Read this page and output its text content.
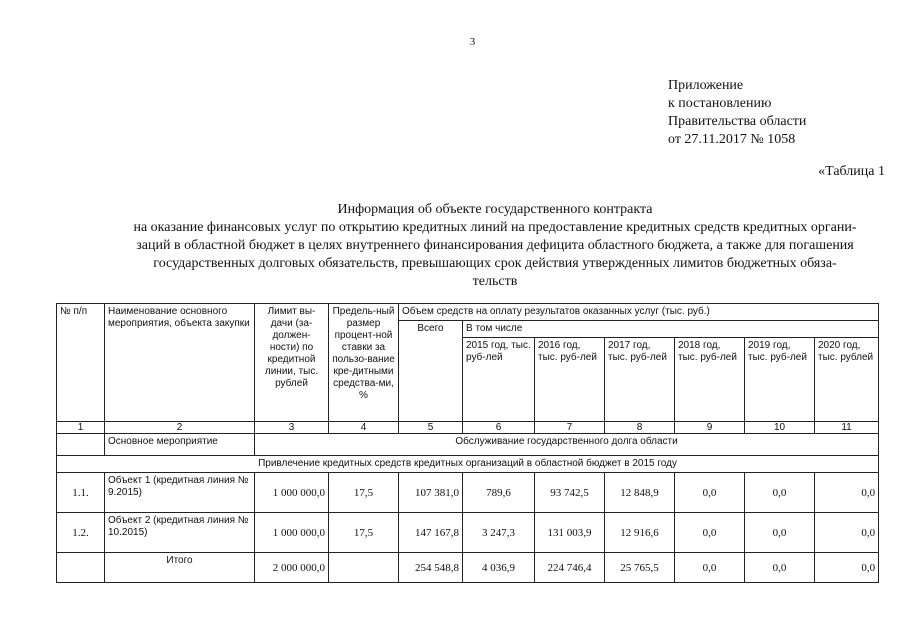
3
Приложение
к постановлению
Правительства области
от 27.11.2017 № 1058
«Таблица 1
Информация об объекте государственного контракта
на оказание финансовых услуг по открытию кредитных линий на предоставление кредитных средств кредитных органи-
заций в областной бюджет в целях внутреннего финансирования дефицита областного бюджета, а также для погашения
государственных долговых обязательств, превышающих срок действия утвержденных лимитов бюджетных обяза-
тельств
№ п/п	Наименование основного мероприятия, объекта закупки	Лимит вы-дачи (за-должен-ности) по кредитной линии, тыс. рублей	Предель-ный размер процент-ной ставки за пользо-вание кре-дитными средства-ми, %	Объем средств на оплату результатов оказанных услуг (тыс. руб.)						
				Всего	В том числе					
					2015 год, тыс. руб-лей	2016 год, тыс. руб-лей	2017 год, тыс. руб-лей	2018 год, тыс. руб-лей	2019 год, тыс. руб-лей	2020 год, тыс. рублей
1	2	3	4	5	6	7	8	9	10	11
	Основное мероприятие	Обслуживание государственного долга области								
Привлечение кредитных средств кредитных организаций в областной бюджет в 2015 году										
1.1.	Объект 1 (кредитная линия № 9.2015)	1 000 000,0	17,5	107 381,0	789,6	93 742,5	12 848,9	0,0	0,0	0,0
1.2.	Объект 2 (кредитная линия № 10.2015)	1 000 000,0	17,5	147 167,8	3 247,3	131 003,9	12 916,6	0,0	0,0	0,0
	Итого	2 000 000,0		254 548,8	4 036,9	224 746,4	25 765,5	0,0	0,0	0,0
